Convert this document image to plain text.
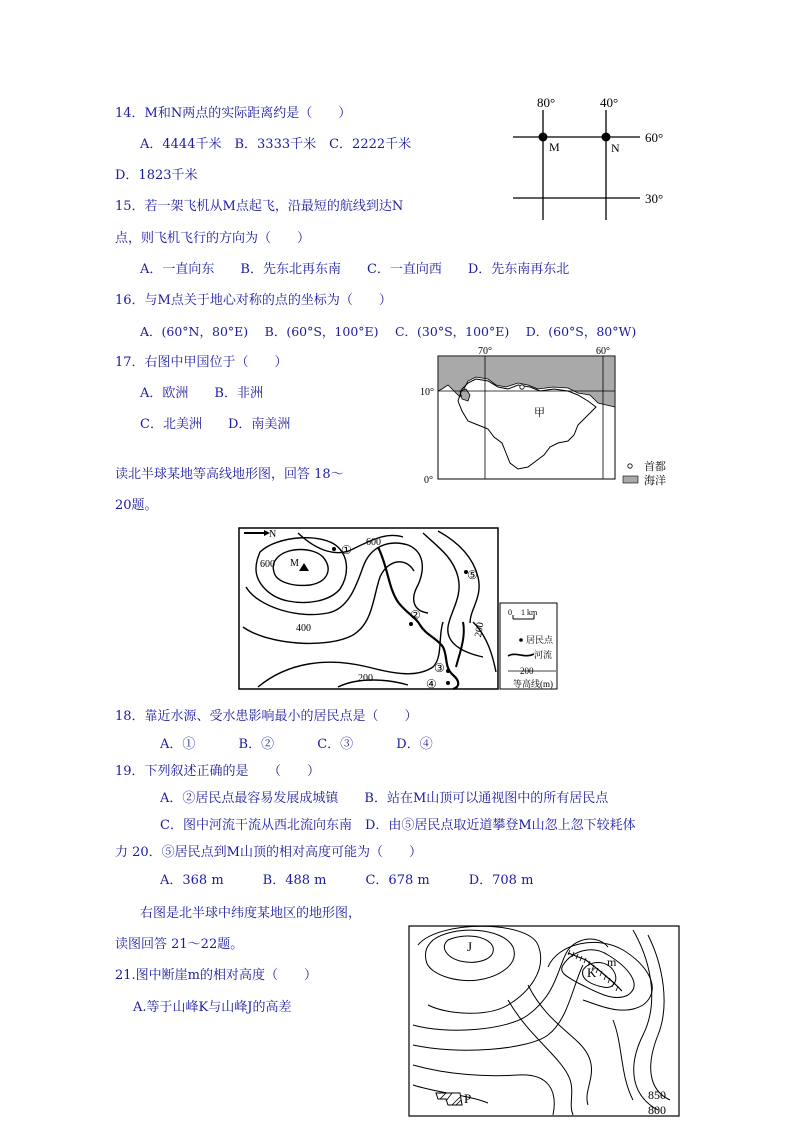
14．M和N两点的实际距离约是（　　）
A．4444千米　B．3333千米　C．2222千米
D．1823千米
15．若一架飞机从M点起飞，沿最短的航线到达N
点，则飞机飞行的方向为（　　）
A．一直向东　　B．先东北再东南　　C．一直向西　　D．先东南再东北
16．与M点关于地心对称的点的坐标为（　　）
A．(60°N，80°E)　 B．(60°S，100°E)　 C．(30°S，100°E)　 D．(60°S，80°W)
17．右图中甲国位于（　　）
A．欧洲　　B．非洲
C．北美洲　　D．南美洲
读北半球某地等高线地形图，回答 18～
20题。
18．靠近水源、受水患影响最小的居民点是（　　）
A．①　　　 B．②　　　 C．③　　　 D．④
19．下列叙述正确的是　　（　　）
A．②居民点最容易发展成城镇　　B．站在M山顶可以通视图中的所有居民点
C．图中河流干流从西北流向东南　D．由⑤居民点取近道攀登M山忽上忽下较耗体
力 20．⑤居民点到M山顶的相对高度可能为（　　）
A．368 m　　　B．488 m　　　C．678 m　　　D．708 m
右图是北半球中纬度某地区的地形图，
读图回答 21～22题。
21.图中断崖m的相对高度（　　）
A.等于山峰K与山峰J的高差
80°	40°
60°
30°
M	N
70°	60°
10°
0°
甲
首都
海洋
N
M
①
②
③
④
⑤
600
600
400
200
200
0 1 km
居民点
河流
200
等高线(m)
J
K
m
P	850
800
